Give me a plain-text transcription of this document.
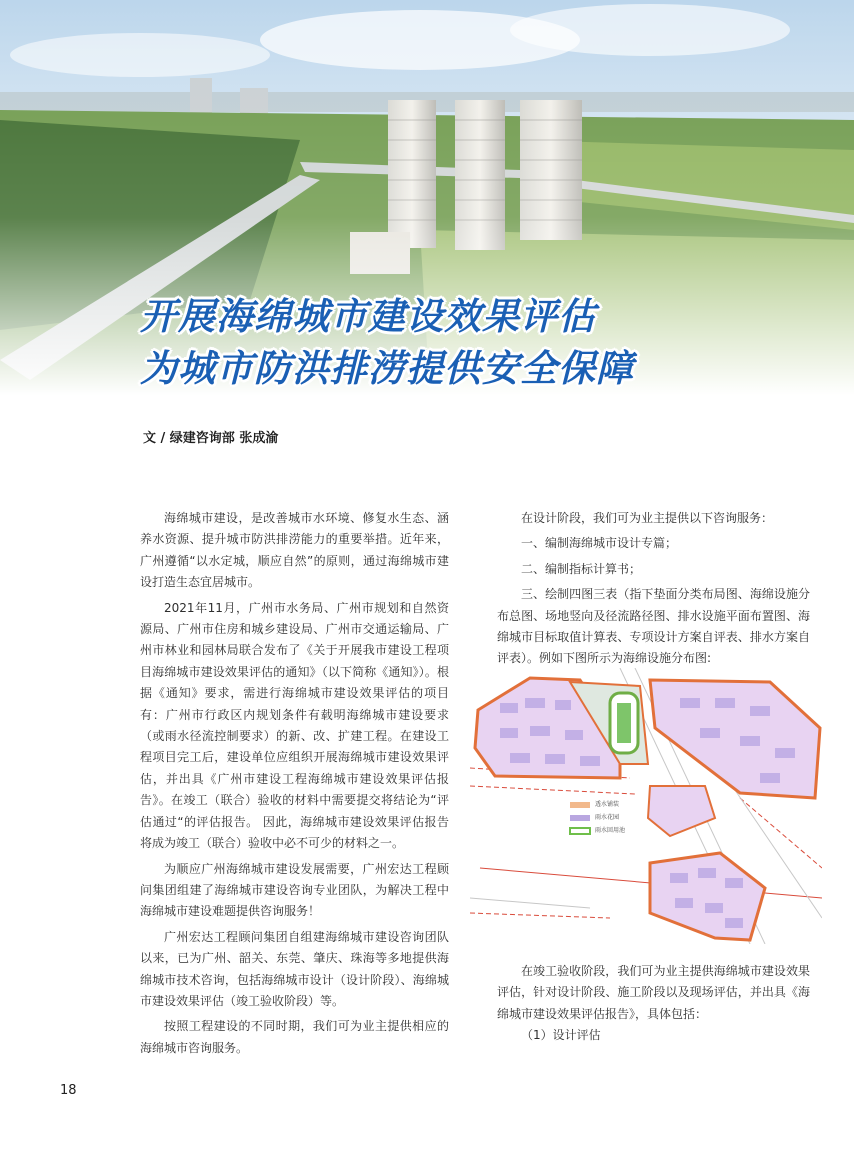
开展海绵城市建设效果评估
为城市防洪排涝提供安全保障
文 / 绿建咨询部 张成渝

海绵城市建设，是改善城市水环境、修复水生态、涵养水资源、提升城市防洪排涝能力的重要举措。近年来，广州遵循“以水定城，顺应自然”的原则，通过海绵城市建设打造生态宜居城市。

2021年11月，广州市水务局、广州市规划和自然资源局、广州市住房和城乡建设局、广州市交通运输局、广州市林业和园林局联合发布了《关于开展我市建设工程项目海绵城市建设效果评估的通知》（以下简称《通知》）。根据《通知》要求，需进行海绵城市建设效果评估的项目有：广州市行政区内规划条件有载明海绵城市建设要求（或雨水径流控制要求）的新、改、扩建工程。在建设工程项目完工后，建设单位应组织开展海绵城市建设效果评估，并出具《广州市建设工程海绵城市建设效果评估报告》。在竣工（联合）验收的材料中需要提交将结论为“评估通过“的评估报告。 因此，海绵城市建设效果评估报告将成为竣工（联合）验收中必不可少的材料之一。

为顺应广州海绵城市建设发展需要，广州宏达工程顾问集团组建了海绵城市建设咨询专业团队，为解决工程中海绵城市建设难题提供咨询服务！

广州宏达工程顾问集团自组建海绵城市建设咨询团队以来，已为广州、韶关、东莞、肇庆、珠海等多地提供海绵城市技术咨询，包括海绵城市设计（设计阶段）、海绵城市建设效果评估（竣工验收阶段）等。

按照工程建设的不同时期，我们可为业主提供相应的海绵城市咨询服务。

在设计阶段，我们可为业主提供以下咨询服务：

一、编制海绵城市设计专篇；

二、编制指标计算书；

三、绘制四图三表（指下垫面分类布局图、海绵设施分布总图、场地竖向及径流路径图、排水设施平面布置图、海绵城市目标取值计算表、专项设计方案自评表、排水方案自评表）。例如下图所示为海绵设施分布图:

透水铺装
雨水花园
雨水回用池

在竣工验收阶段，我们可为业主提供海绵城市建设效果评估，针对设计阶段、施工阶段以及现场评估，并出具《海绵城市建设效果评估报告》，具体包括：

（1）设计评估

18
